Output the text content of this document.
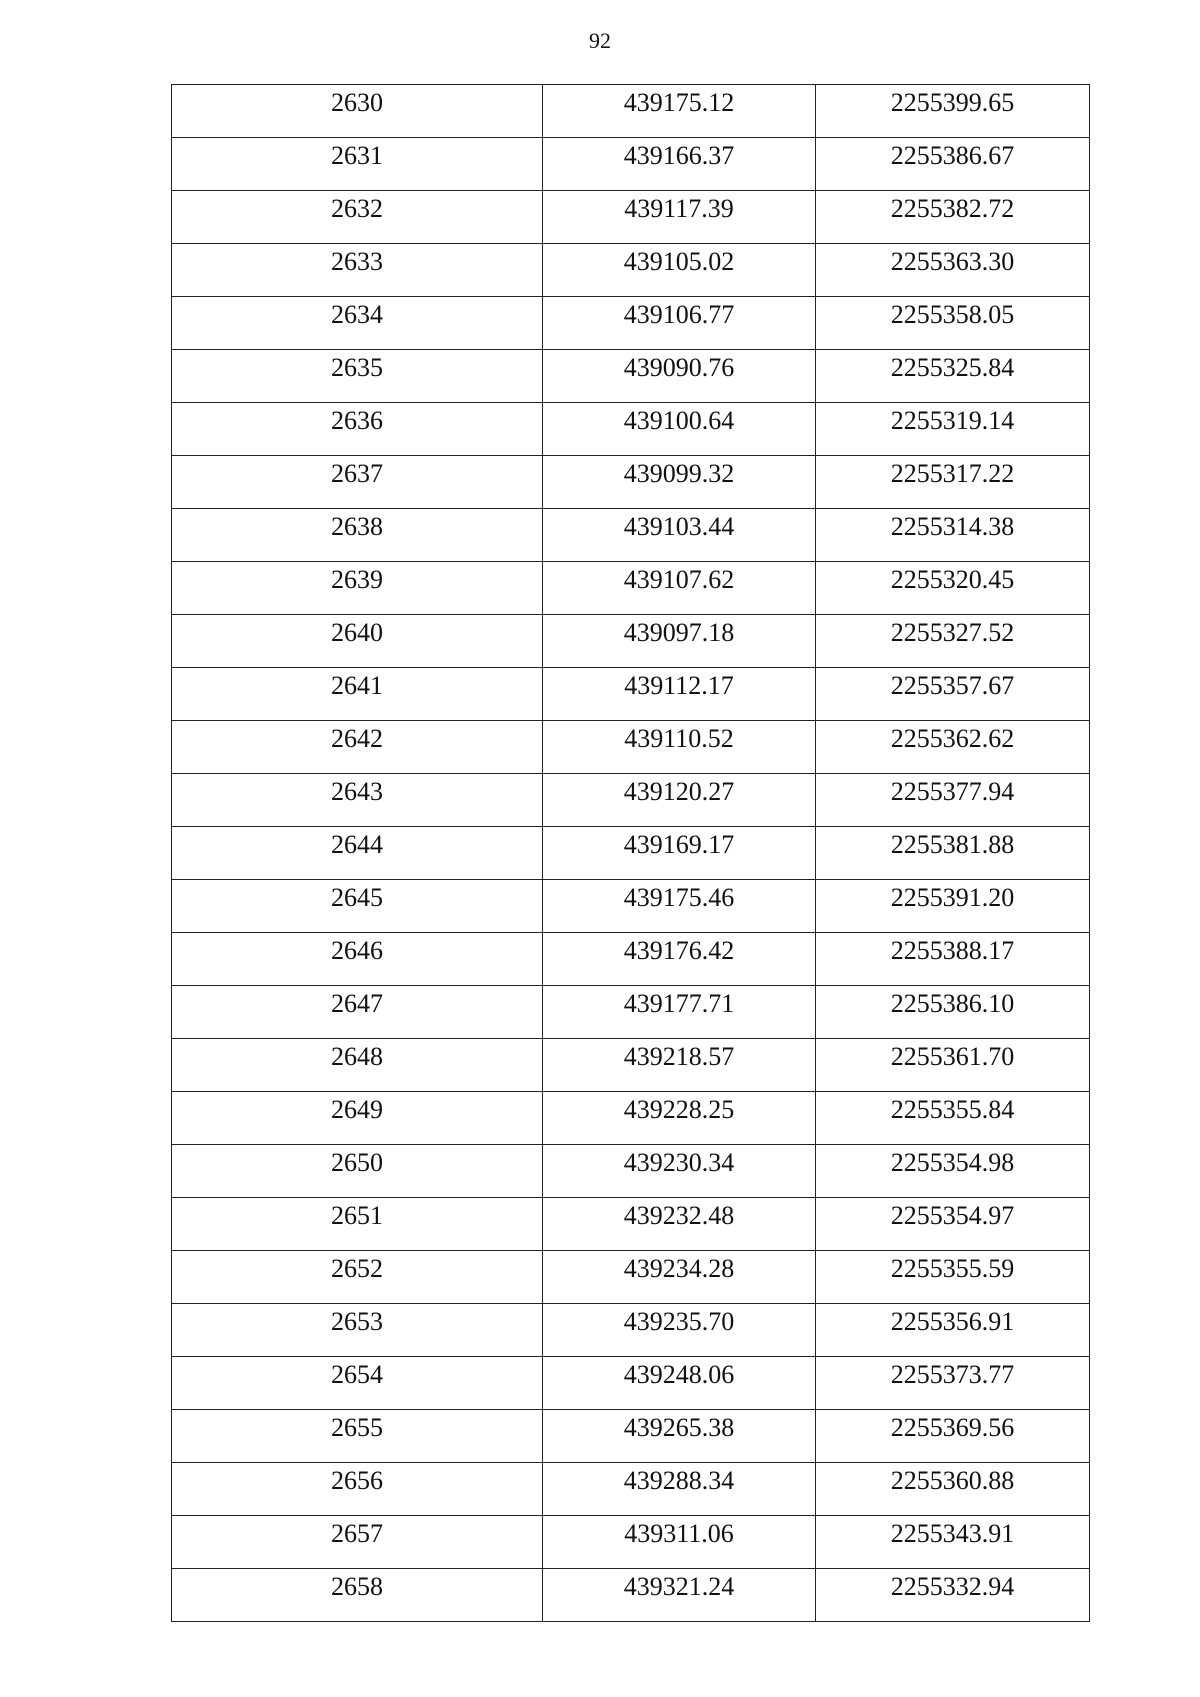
92
2630	439175.12	2255399.65
2631	439166.37	2255386.67
2632	439117.39	2255382.72
2633	439105.02	2255363.30
2634	439106.77	2255358.05
2635	439090.76	2255325.84
2636	439100.64	2255319.14
2637	439099.32	2255317.22
2638	439103.44	2255314.38
2639	439107.62	2255320.45
2640	439097.18	2255327.52
2641	439112.17	2255357.67
2642	439110.52	2255362.62
2643	439120.27	2255377.94
2644	439169.17	2255381.88
2645	439175.46	2255391.20
2646	439176.42	2255388.17
2647	439177.71	2255386.10
2648	439218.57	2255361.70
2649	439228.25	2255355.84
2650	439230.34	2255354.98
2651	439232.48	2255354.97
2652	439234.28	2255355.59
2653	439235.70	2255356.91
2654	439248.06	2255373.77
2655	439265.38	2255369.56
2656	439288.34	2255360.88
2657	439311.06	2255343.91
2658	439321.24	2255332.94
